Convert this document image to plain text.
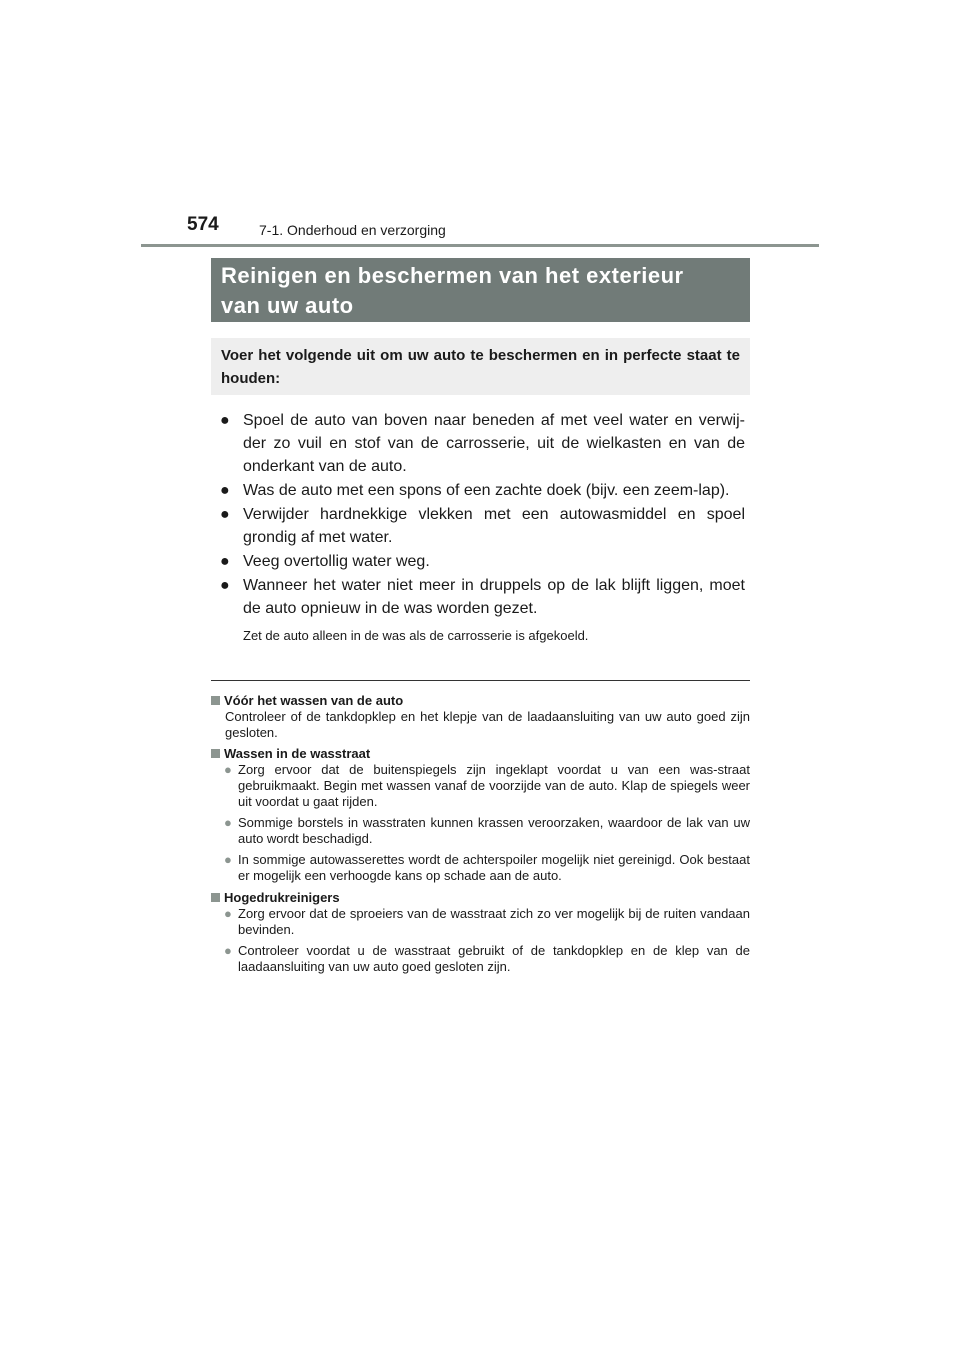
574	7-1. Onderhoud en verzorging
Reinigen en beschermen van het exterieur
van uw auto
Voer het volgende uit om uw auto te beschermen en in perfecte staat te houden:
● Spoel de auto van boven naar beneden af met veel water en verwij-der zo vuil en stof van de carrosserie, uit de wielkasten en van de onderkant van de auto.
● Was de auto met een spons of een zachte doek (bijv. een zeem-lap).
● Verwijder hardnekkige vlekken met een autowasmiddel en spoel grondig af met water.
● Veeg overtollig water weg.
● Wanneer het water niet meer in druppels op de lak blijft liggen, moet de auto opnieuw in de was worden gezet.
Zet de auto alleen in de was als de carrosserie is afgekoeld.
Vóór het wassen van de auto
Controleer of de tankdopklep en het klepje van de laadaansluiting van uw auto goed zijn gesloten.
Wassen in de wasstraat
● Zorg ervoor dat de buitenspiegels zijn ingeklapt voordat u van een was-straat gebruikmaakt. Begin met wassen vanaf de voorzijde van de auto. Klap de spiegels weer uit voordat u gaat rijden.
● Sommige borstels in wasstraten kunnen krassen veroorzaken, waardoor de lak van uw auto wordt beschadigd.
● In sommige autowasserettes wordt de achterspoiler mogelijk niet gereinigd. Ook bestaat er mogelijk een verhoogde kans op schade aan de auto.
Hogedrukreinigers
● Zorg ervoor dat de sproeiers van de wasstraat zich zo ver mogelijk bij de ruiten vandaan bevinden.
● Controleer voordat u de wasstraat gebruikt of de tankdopklep en de klep van de laadaansluiting van uw auto goed gesloten zijn.
